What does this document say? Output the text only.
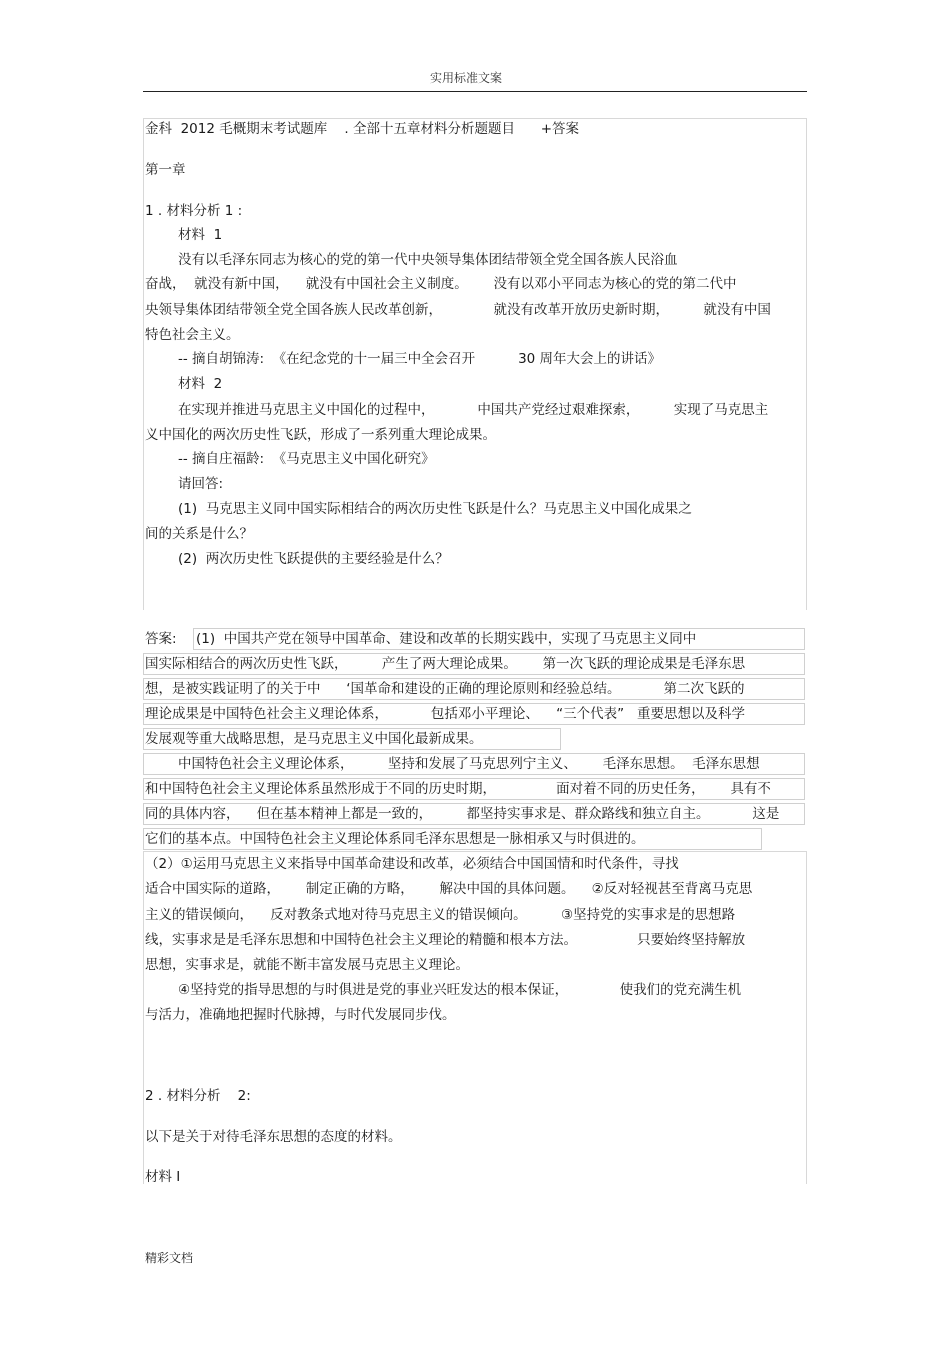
实用标准文案
金科  2012 毛概期末考试题库    . 全部十五章材料分析题题目      +答案
第一章
1 . 材料分析 1 :
材料  1
没有以毛泽东同志为核心的党的第一代中央领导集体团结带领全党全国各族人民浴血
奋战，  就没有新中国，    就没有中国社会主义制度。      没有以邓小平同志为核心的党的第二代中
央领导集体团结带领全党全国各族人民改革创新，            就没有改革开放历史新时期，        就没有中国
特色社会主义。
-- 摘自胡锦涛:  《在纪念党的十一届三中全会召开          30 周年大会上的讲话》
材料  2
在实现并推进马克思主义中国化的过程中，          中国共产党经过艰难探索，        实现了马克思主
义中国化的两次历史性飞跃，形成了一系列重大理论成果。
-- 摘自庄福龄:  《马克思主义中国化研究》
请回答:
(1)  马克思主义同中国实际相结合的两次历史性飞跃是什么？马克思主义中国化成果之
间的关系是什么？
(2)  两次历史性飞跃提供的主要经验是什么？
答案: (1)  中国共产党在领导中国革命、建设和改革的长期实践中，实现了马克思主义同中
国实际相结合的两次历史性飞跃，        产生了两大理论成果。      第一次飞跃的理论成果是毛泽东思
想，是被实践证明了的关于中      ‘国革命和建设的正确的理论原则和经验总结。          第二次飞跃的
理论成果是中国特色社会主义理论体系，          包括邓小平理论、    “三个代表”   重要思想以及科学
发展观等重大战略思想，是马克思主义中国化最新成果。
中国特色社会主义理论体系，        坚持和发展了马克思列宁主义、      毛泽东思想。  毛泽东思想
和中国特色社会主义理论体系虽然形成于不同的历史时期，              面对着不同的历史任务，      具有不
同的具体内容，    但在基本精神上都是一致的，        都坚持实事求是、群众路线和独立自主。          这是
它们的基本点。中国特色社会主义理论体系同毛泽东思想是一脉相承又与时俱进的。
（2）①运用马克思主义来指导中国革命建设和改革，必须结合中国国情和时代条件，寻找
适合中国实际的道路，      制定正确的方略，      解决中国的具体问题。    ②反对轻视甚至背离马克思
主义的错误倾向，    反对教条式地对待马克思主义的错误倾向。        ③坚持党的实事求是的思想路
线，实事求是是毛泽东思想和中国特色社会主义理论的精髓和根本方法。              只要始终坚持解放
思想，实事求是，就能不断丰富发展马克思主义理论。
④坚持党的指导思想的与时俱进是党的事业兴旺发达的根本保证，            使我们的党充满生机
与活力，准确地把握时代脉搏，与时代发展同步伐。
2 . 材料分析    2:
以下是关于对待毛泽东思想的态度的材料。
材料 I
精彩文档
